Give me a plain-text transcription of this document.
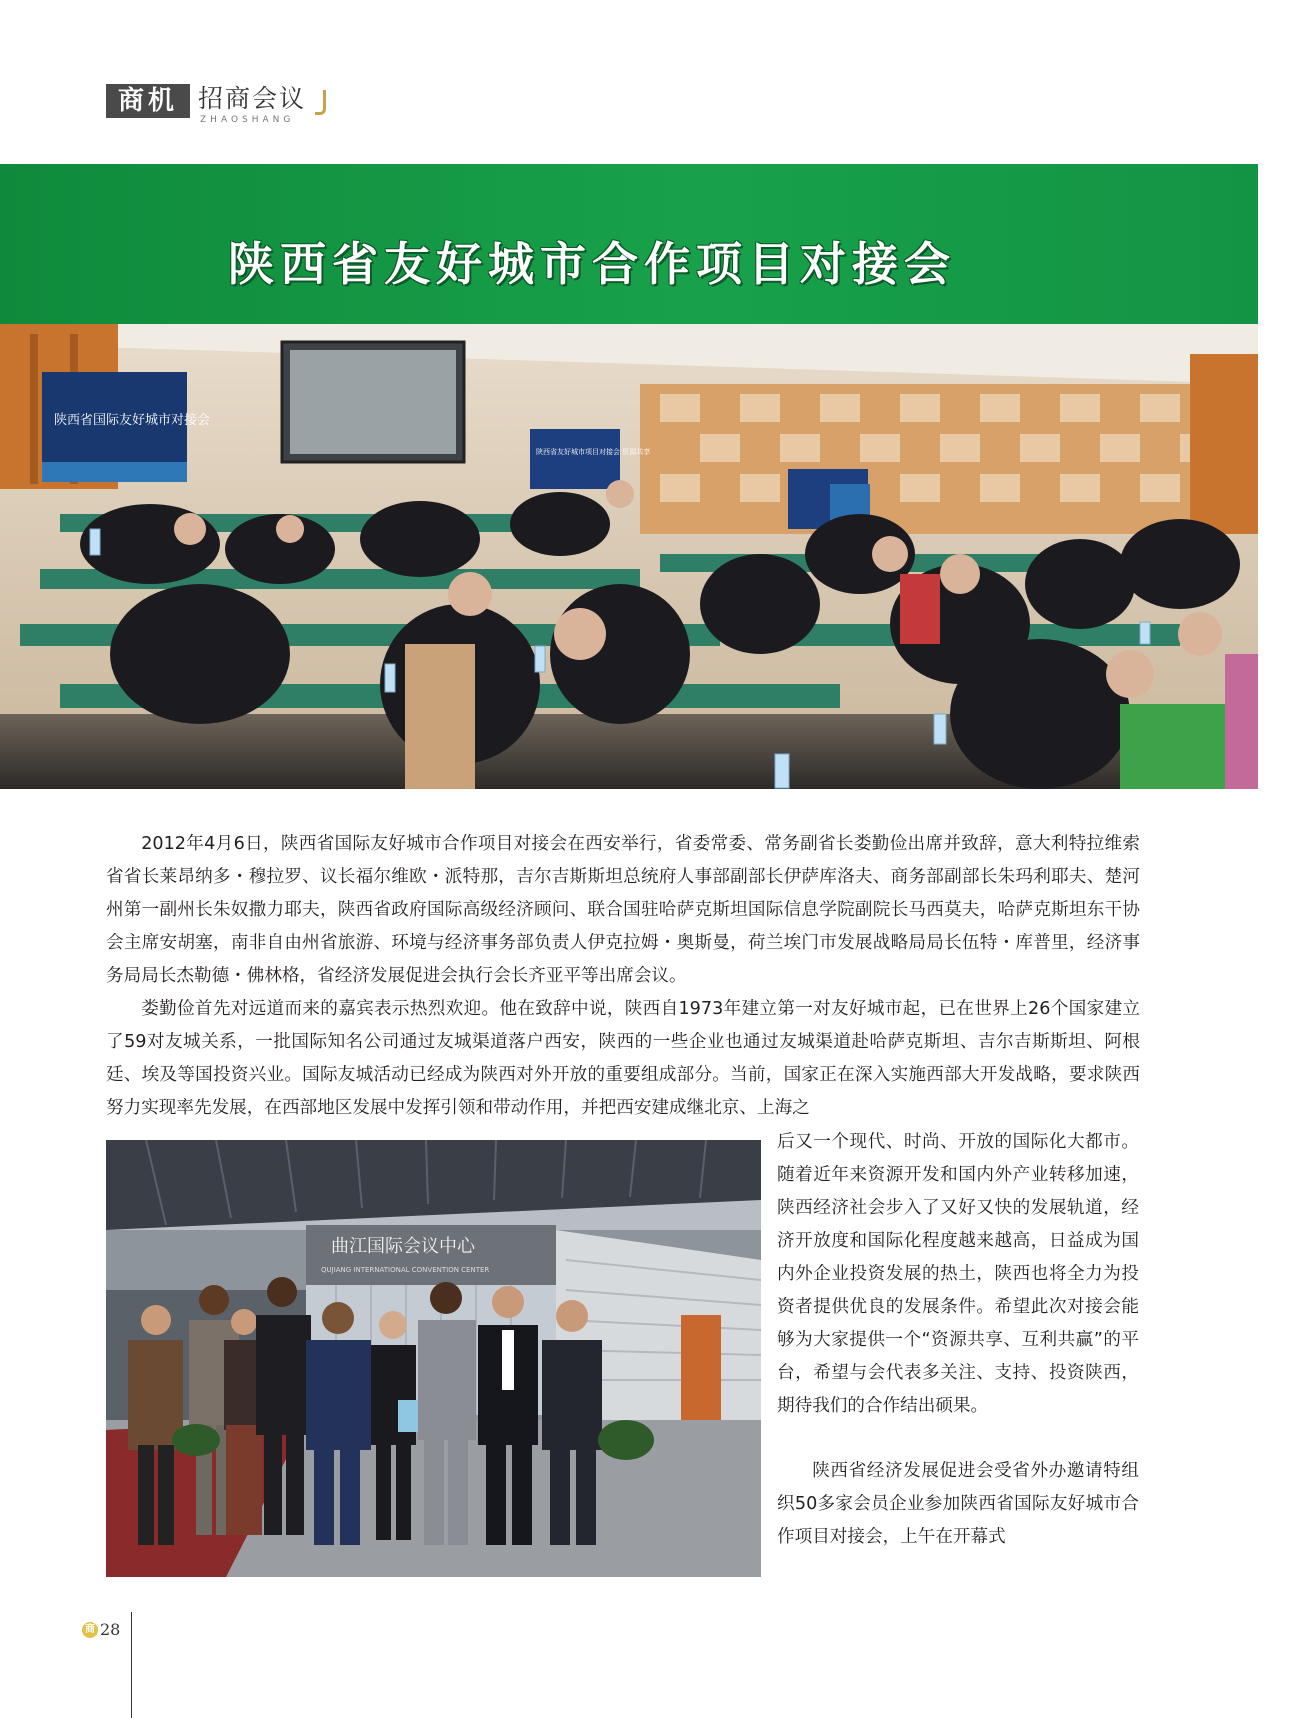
商机 招商会议
ZHAOSHANG
陕西省友好城市合作项目对接会
陕西省国际友好城市对接会
陕西省友好城市项目对接会 资源共享

2012年4月6日，陕西省国际友好城市合作项目对接会在西安举行，省委常委、常务副省长娄勤俭出席并致辞，意大利特拉维索省省长莱昂纳多・穆拉罗、议长福尔维欧・派特那，吉尔吉斯斯坦总统府人事部副部长伊萨库洛夫、商务部副部长朱玛利耶夫、楚河州第一副州长朱奴撒力耶夫，陕西省政府国际高级经济顾问、联合国驻哈萨克斯坦国际信息学院副院长马西莫夫，哈萨克斯坦东干协会主席安胡塞，南非自由州省旅游、环境与经济事务部负责人伊克拉姆・奥斯曼，荷兰埃门市发展战略局局长伍特・库普里，经济事务局局长杰勒德・佛林格，省经济发展促进会执行会长齐亚平等出席会议。

娄勤俭首先对远道而来的嘉宾表示热烈欢迎。他在致辞中说，陕西自1973年建立第一对友好城市起，已在世界上26个国家建立了59对友城关系，一批国际知名公司通过友城渠道落户西安，陕西的一些企业也通过友城渠道赴哈萨克斯坦、吉尔吉斯斯坦、阿根廷、埃及等国投资兴业。国际友城活动已经成为陕西对外开放的重要组成部分。当前，国家正在深入实施西部大开发战略，要求陕西努力实现率先发展，在西部地区发展中发挥引领和带动作用，并把西安建成继北京、上海之

后又一个现代、时尚、开放的国际化大都市。随着近年来资源开发和国内外产业转移加速，陕西经济社会步入了又好又快的发展轨道，经济开放度和国际化程度越来越高，日益成为国内外企业投资发展的热土，陕西也将全力为投资者提供优良的发展条件。希望此次对接会能够为大家提供一个“资源共享、互利共赢”的平台，希望与会代表多关注、支持、投资陕西，期待我们的合作结出硕果。

陕西省经济发展促进会受省外办邀请特组织50多家会员企业参加陕西省国际友好城市合作项目对接会，上午在开幕式

曲江国际会议中心
QUJIANG INTERNATIONAL CONVENTION CENTER
商 28
